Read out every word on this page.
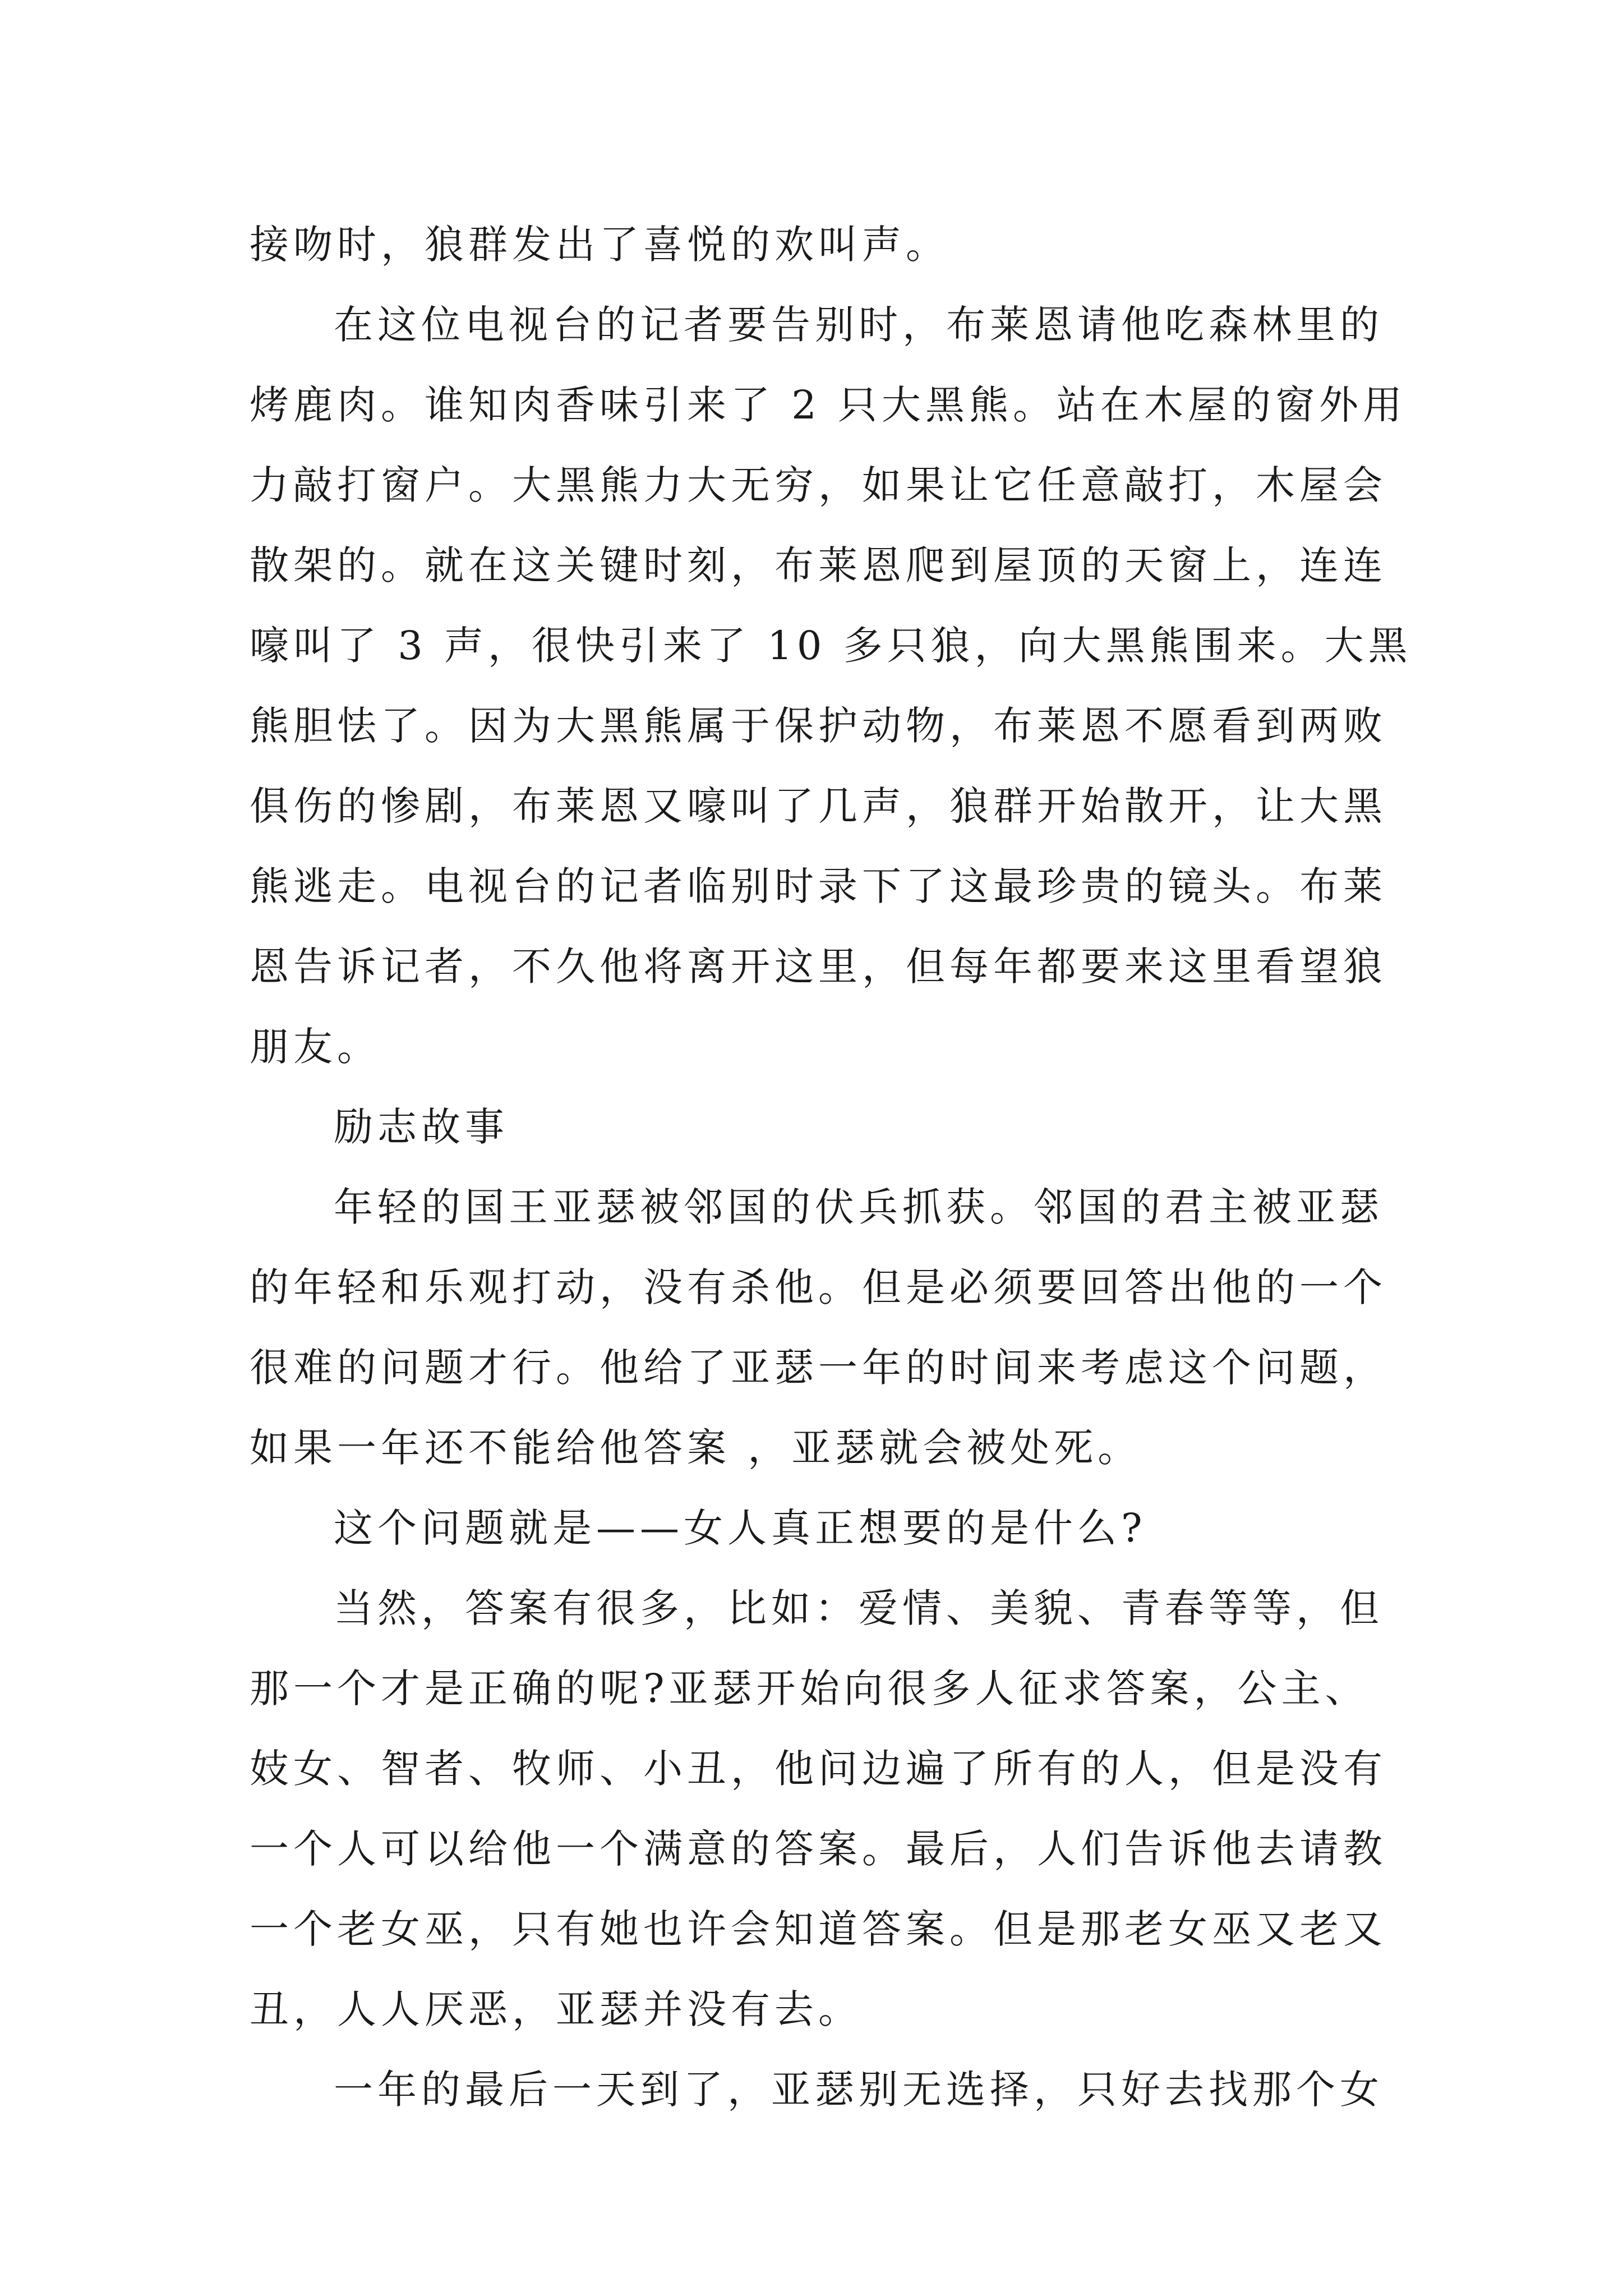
接吻时，狼群发出了喜悦的欢叫声。
在这位电视台的记者要告别时，布莱恩请他吃森林里的
烤鹿肉。谁知肉香味引来了 2 只大黑熊。站在木屋的窗外用
力敲打窗户。大黑熊力大无穷，如果让它任意敲打，木屋会
散架的。就在这关键时刻，布莱恩爬到屋顶的天窗上，连连
嚎叫了 3 声，很快引来了 10 多只狼，向大黑熊围来。大黑
熊胆怯了。因为大黑熊属于保护动物，布莱恩不愿看到两败
俱伤的惨剧，布莱恩又嚎叫了几声，狼群开始散开，让大黑
熊逃走。电视台的记者临别时录下了这最珍贵的镜头。布莱
恩告诉记者，不久他将离开这里，但每年都要来这里看望狼
朋友。
励志故事
年轻的国王亚瑟被邻国的伏兵抓获。邻国的君主被亚瑟
的年轻和乐观打动，没有杀他。但是必须要回答出他的一个
很难的问题才行。他给了亚瑟一年的时间来考虑这个问题，
如果一年还不能给他答案 ，亚瑟就会被处死。
这个问题就是——女人真正想要的是什么?
当然，答案有很多，比如：爱情、美貌、青春等等，但
那一个才是正确的呢?亚瑟开始向很多人征求答案，公主、
妓女、智者、牧师、小丑，他问边遍了所有的人，但是没有
一个人可以给他一个满意的答案。最后，人们告诉他去请教
一个老女巫，只有她也许会知道答案。但是那老女巫又老又
丑，人人厌恶，亚瑟并没有去。
一年的最后一天到了，亚瑟别无选择，只好去找那个女
